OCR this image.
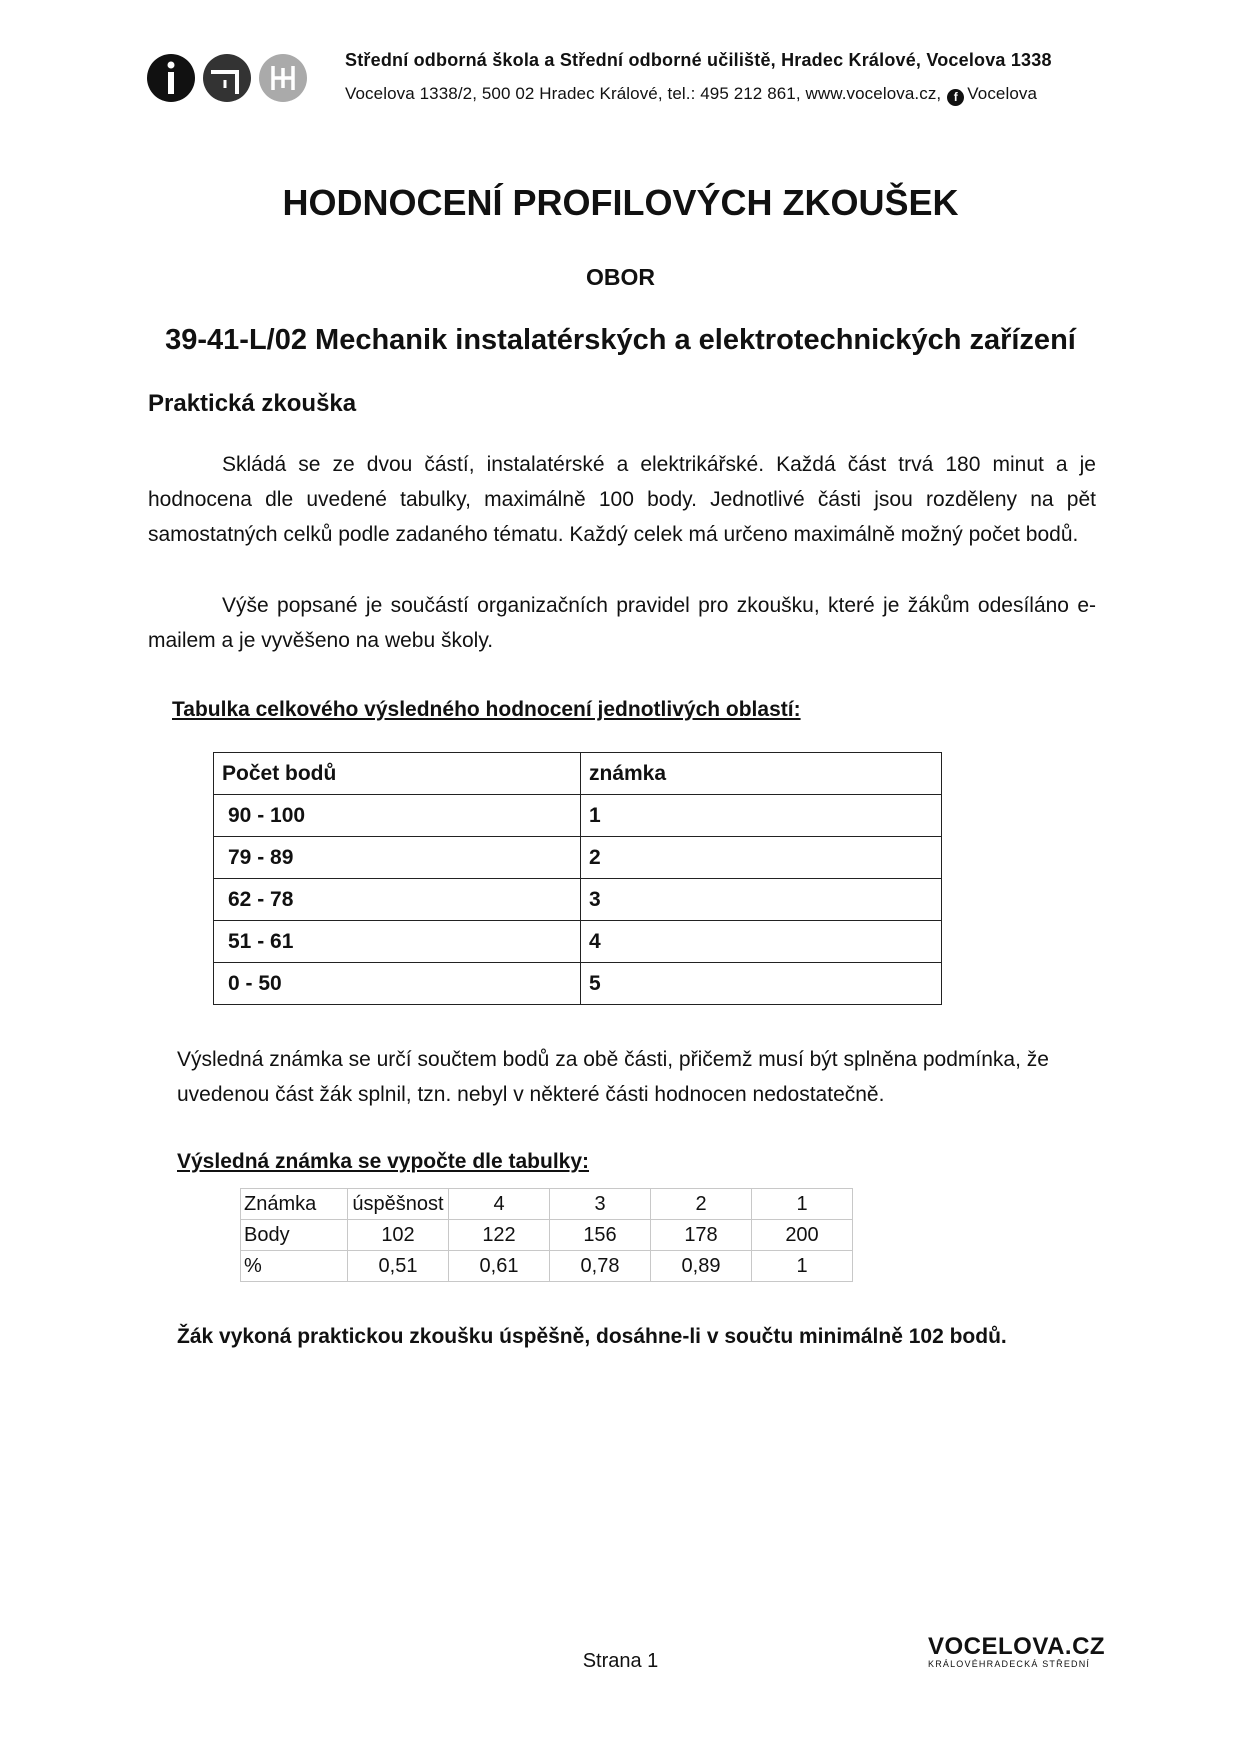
Střední odborná škola a Střední odborné učiliště, Hradec Králové, Vocelova 1338
Vocelova 1338/2, 500 02 Hradec Králové, tel.: 495 212 861, www.vocelova.cz, f Vocelova
HODNOCENÍ PROFILOVÝCH ZKOUŠEK
OBOR
39-41-L/02 Mechanik instalatérských a elektrotechnických zařízení
Praktická zkouška
Skládá se ze dvou částí, instalatérské a elektrikářské. Každá část trvá 180 minut a je hodnocena dle uvedené tabulky, maximálně 100 body. Jednotlivé části jsou rozděleny na pět samostatných celků podle zadaného tématu. Každý celek má určeno maximálně možný počet bodů.
Výše popsané je součástí organizačních pravidel pro zkoušku, které je žákům odesíláno e-mailem a je vyvěšeno na webu školy.
Tabulka celkového výsledného hodnocení jednotlivých oblastí:
Počet bodů	známka
90 - 100	1
79 - 89	2
62 - 78	3
51 - 61	4
0 - 50	5
Výsledná známka se určí součtem bodů za obě části, přičemž musí být splněna podmínka, že uvedenou část žák splnil, tzn. nebyl v některé části hodnocen nedostatečně.
Výsledná známka se vypočte dle tabulky:
Známka	úspěšnost	4	3	2	1
Body	102	122	156	178	200
%	0,51	0,61	0,78	0,89	1
Žák vykoná praktickou zkoušku úspěšně, dosáhne-li v součtu minimálně 102 bodů.
Strana 1
VOCELOVA.CZ
KRÁLOVÉHRADECKÁ STŘEDNÍ
